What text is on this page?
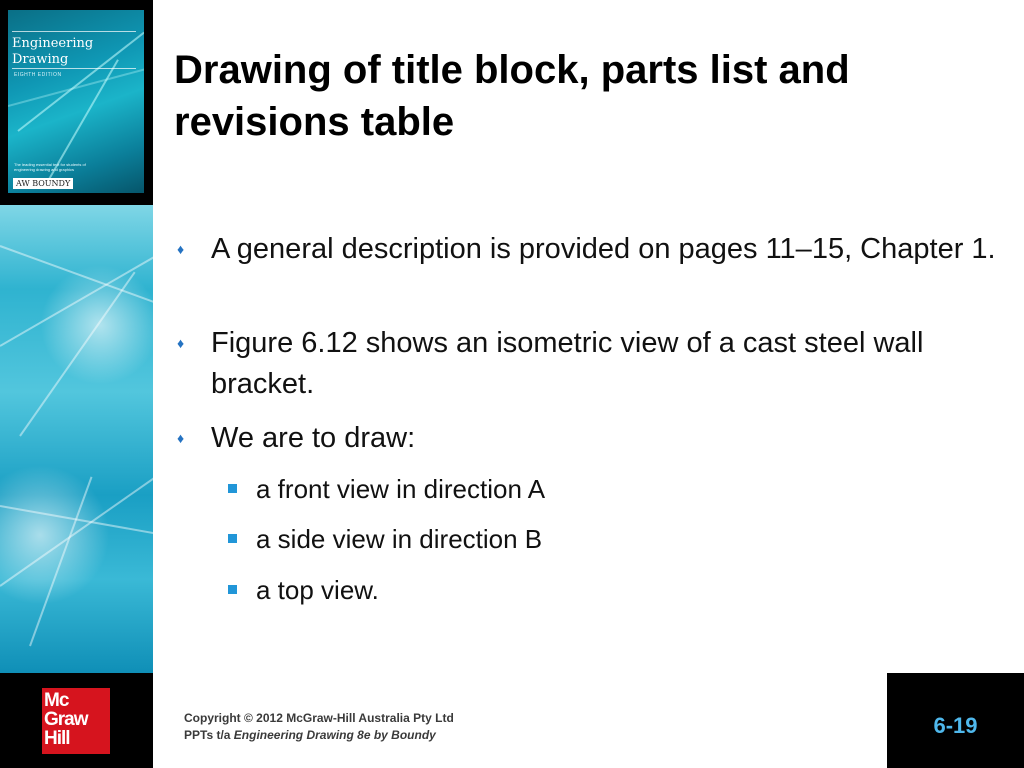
Engineering
Drawing
EIGHTH EDITION
The leading essential text for students of engineering drawing and graphics
AW BOUNDY
Mc
Graw
Hill
Drawing of title block, parts list and revisions table
♦ A general description is provided on pages 11–15, Chapter 1.
♦ Figure 6.12 shows an isometric view of a cast steel wall bracket.
♦ We are to draw:
a front view in direction A
a side view in direction B
a top view.
Copyright © 2012 McGraw-Hill Australia Pty Ltd
PPTs t/a Engineering Drawing 8e by Boundy	6-19
